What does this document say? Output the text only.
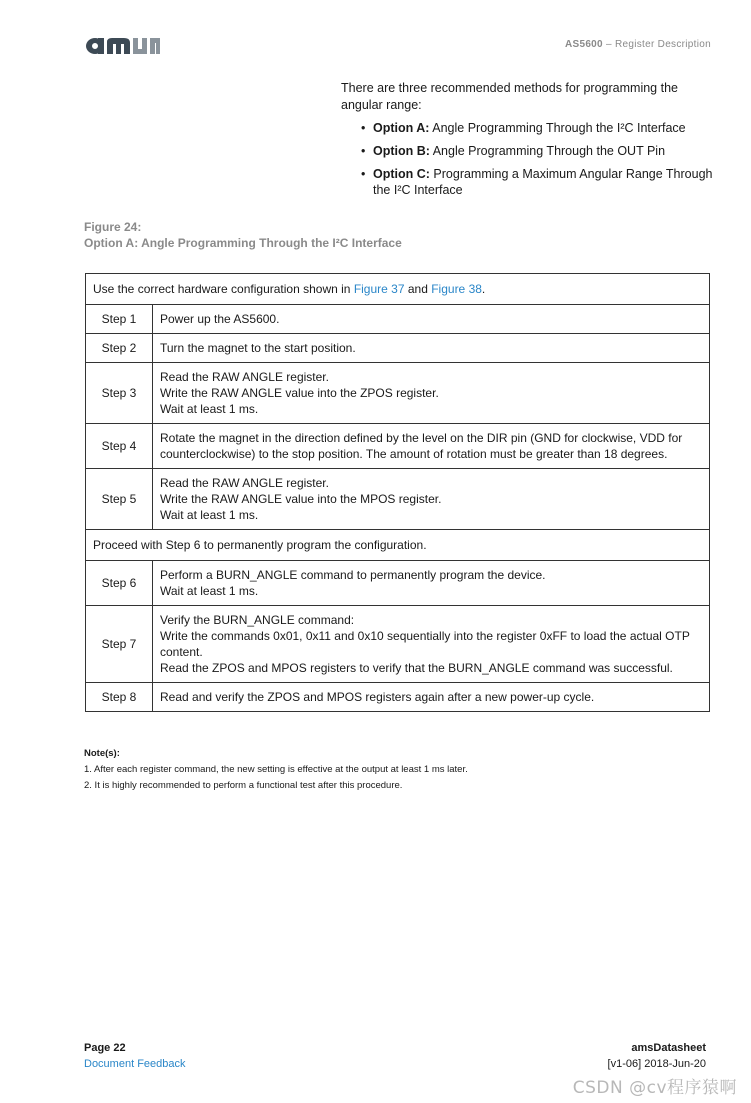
AS5600 – Register Description

There are three recommended methods for programming the angular range:

• Option A: Angle Programming Through the I²C Interface
• Option B: Angle Programming Through the OUT Pin
• Option C: Programming a Maximum Angular Range Through the I²C Interface
Figure 24:
Option A: Angle Programming Through the I²C Interface
Use the correct hardware configuration shown in Figure 37 and Figure 38.	
Step 1	Power up the AS5600.

Step 2	Turn the magnet to the start position.

Step 3	Read the RAW ANGLE register.
Write the RAW ANGLE value into the ZPOS register.
Wait at least 1 ms.

Step 4	Rotate the magnet in the direction defined by the level on the DIR pin (GND for clockwise, VDD for counterclockwise) to the stop position. The amount of rotation must be greater than 18 degrees.

Step 5	Read the RAW ANGLE register.
Write the RAW ANGLE value into the MPOS register.
Wait at least 1 ms.

Proceed with Step 6 to permanently program the configuration.	
Step 6	Perform a BURN_ANGLE command to permanently program the device.
Wait at least 1 ms.

Step 7	Verify the BURN_ANGLE command:
Write the commands 0x01, 0x11 and 0x10 sequentially into the register 0xFF to load the actual OTP content.
Read the ZPOS and MPOS registers to verify that the BURN_ANGLE command was successful.

Step 8	Read and verify the ZPOS and MPOS registers again after a new power-up cycle.
Note(s):
1. After each register command, the new setting is effective at the output at least 1 ms later.
2. It is highly recommended to perform a functional test after this procedure.
Page 22
Document Feedback
amsDatasheet
[v1-06] 2018-Jun-20
CSDN @cv程序猿啊
